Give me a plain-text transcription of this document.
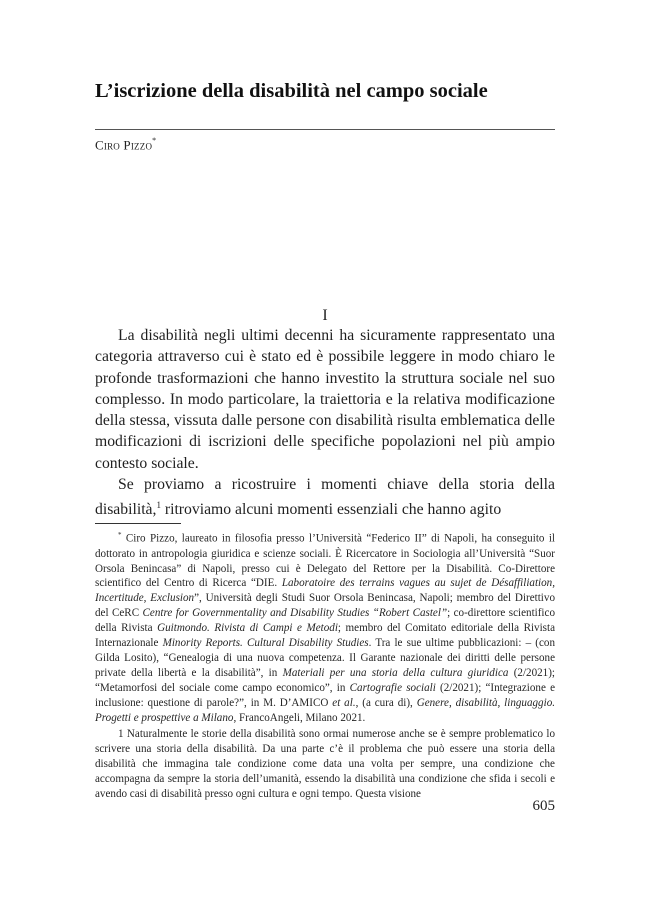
L’iscrizione della disabilità nel campo sociale
Ciro Pizzo*
I

La disabilità negli ultimi decenni ha sicuramente rappresentato una categoria attraverso cui è stato ed è possibile leggere in modo chiaro le profonde trasformazioni che hanno investito la struttura sociale nel suo complesso. In modo particolare, la traiettoria e la relativa modificazione della stessa, vissuta dalle persone con disabilità risulta emblematica delle modificazioni di iscrizioni delle specifiche popolazioni nel più ampio contesto sociale.

Se proviamo a ricostruire i momenti chiave della storia della disabilità,$^1$ ritroviamo alcuni momenti essenziali che hanno agito

* Ciro Pizzo, laureato in filosofia presso l’Università “Federico II” di Napoli, ha conseguito il dottorato in antropologia giuridica e scienze sociali. È Ricercatore in Sociologia all’Università “Suor Orsola Benincasa” di Napoli, presso cui è Delegato del Rettore per la Disabilità. Co-Direttore scientifico del Centro di Ricerca “DIE. Laboratoire des terrains vagues au sujet de Désaffiliation, Incertitude, Exclusion”, Università degli Studi Suor Orsola Benincasa, Napoli; membro del Direttivo del CeRC Centre for Governmentality and Disability Studies “Robert Castel”; co-direttore scientifico della Rivista Guitmondo. Rivista di Campi e Metodi; membro del Comitato editoriale della Rivista Internazionale Minority Reports. Cultural Disability Studies. Tra le sue ultime pubblicazioni: – (con Gilda Losito), “Genealogia di una nuova competenza. Il Garante nazionale dei diritti delle persone private della libertà e la disabilità”, in Materiali per una storia della cultura giuridica (2/2021); “Metamorfosi del sociale come campo economico”, in Cartografie sociali (2/2021); “Integrazione e inclusione: questione di parole?”, in M. D’AMICO et al., (a cura di), Genere, disabilità, linguaggio. Progetti e prospettive a Milano, FrancoAngeli, Milano 2021.

1 Naturalmente le storie della disabilità sono ormai numerose anche se è sempre problematico lo scrivere una storia della disabilità. Da una parte c’è il problema che può essere una storia della disabilità che immagina tale condizione come data una volta per sempre, una condizione che accompagna da sempre la storia dell’umanità, essendo la disabilità una condizione che sfida i secoli e avendo casi di disabilità presso ogni cultura e ogni tempo. Questa visione

605
